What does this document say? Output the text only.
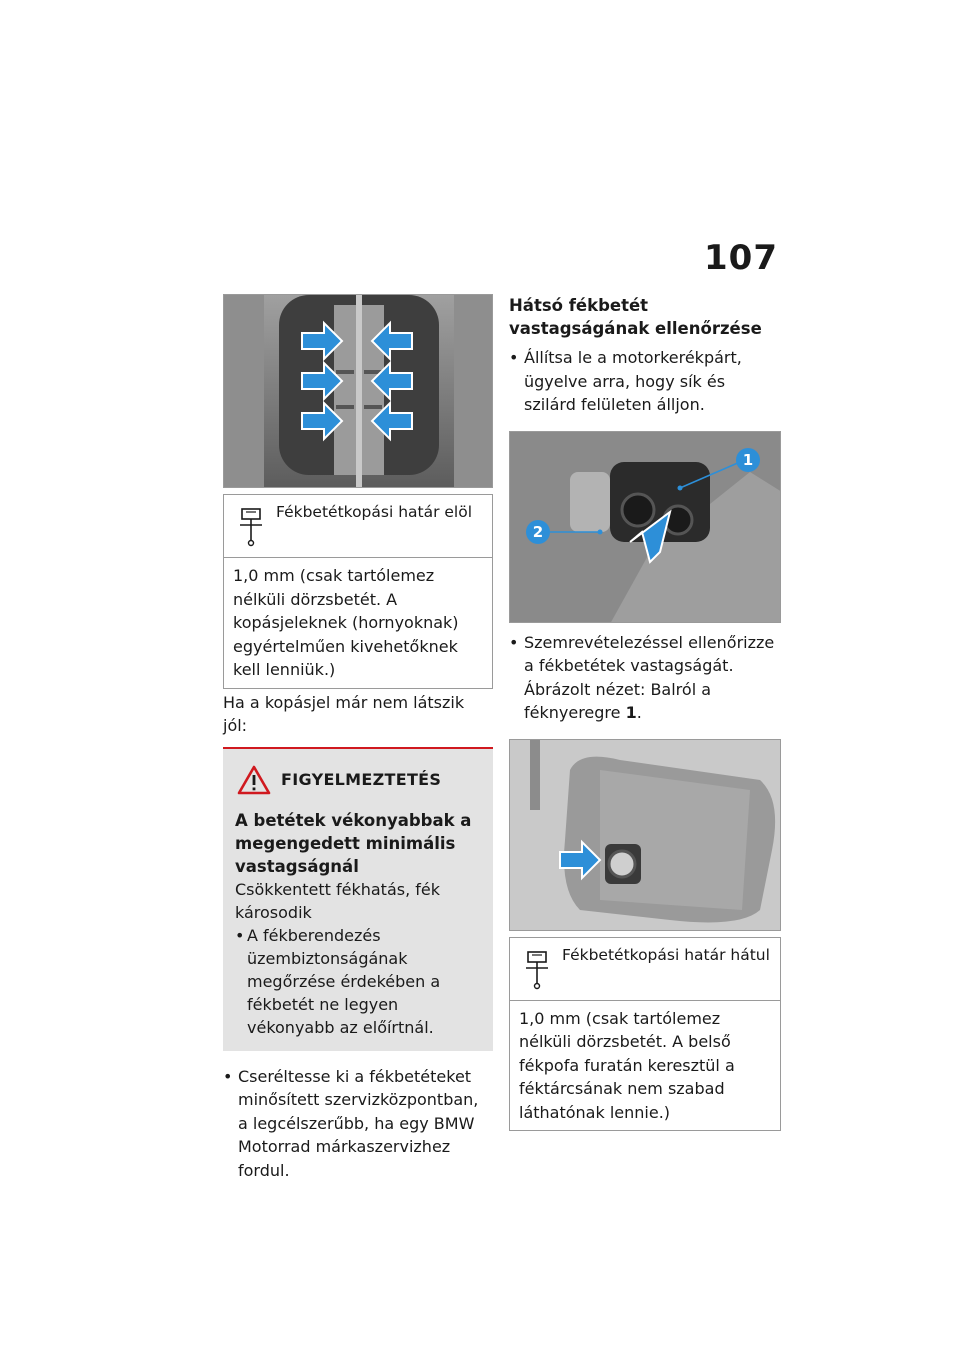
107
Fékbetétkopási határ elöl
1,0 mm (csak tartólemez nélküli dörzsbetét. A kopásjeleknek (hornyoknak) egyértelműen kivehetőknek kell lenniük.)

Ha a kopásjel már nem látszik jól:

FIGYELMEZTETÉS
A betétek vékonyabbak a megengedett minimális vastagságnál
Csökkentett fékhatás, fék károsodik
• A fékberendezés üzembiztonságának megőrzése érdekében a fékbetét ne legyen vékonyabb az előírtnál.
• Cseréltesse ki a fékbetéteket minősített szervizközpontban, a legcélszerűbb, ha egy BMW Motorrad márkaszervizhez fordul.
Hátsó fékbetét vastagságának ellenőrzése
• Állítsa le a motorkerékpárt, ügyelve arra, hogy sík és szilárd felületen álljon.
1
2
• Szemrevételezéssel ellenőrizze a fékbetétek vastagságát. Ábrázolt nézet: Balról a féknyeregre 1.
Fékbetétkopási határ hátul
1,0 mm (csak tartólemez nélküli dörzsbetét. A belső fékpofa furatán keresztül a féktárcsának nem szabad láthatónak lennie.)
